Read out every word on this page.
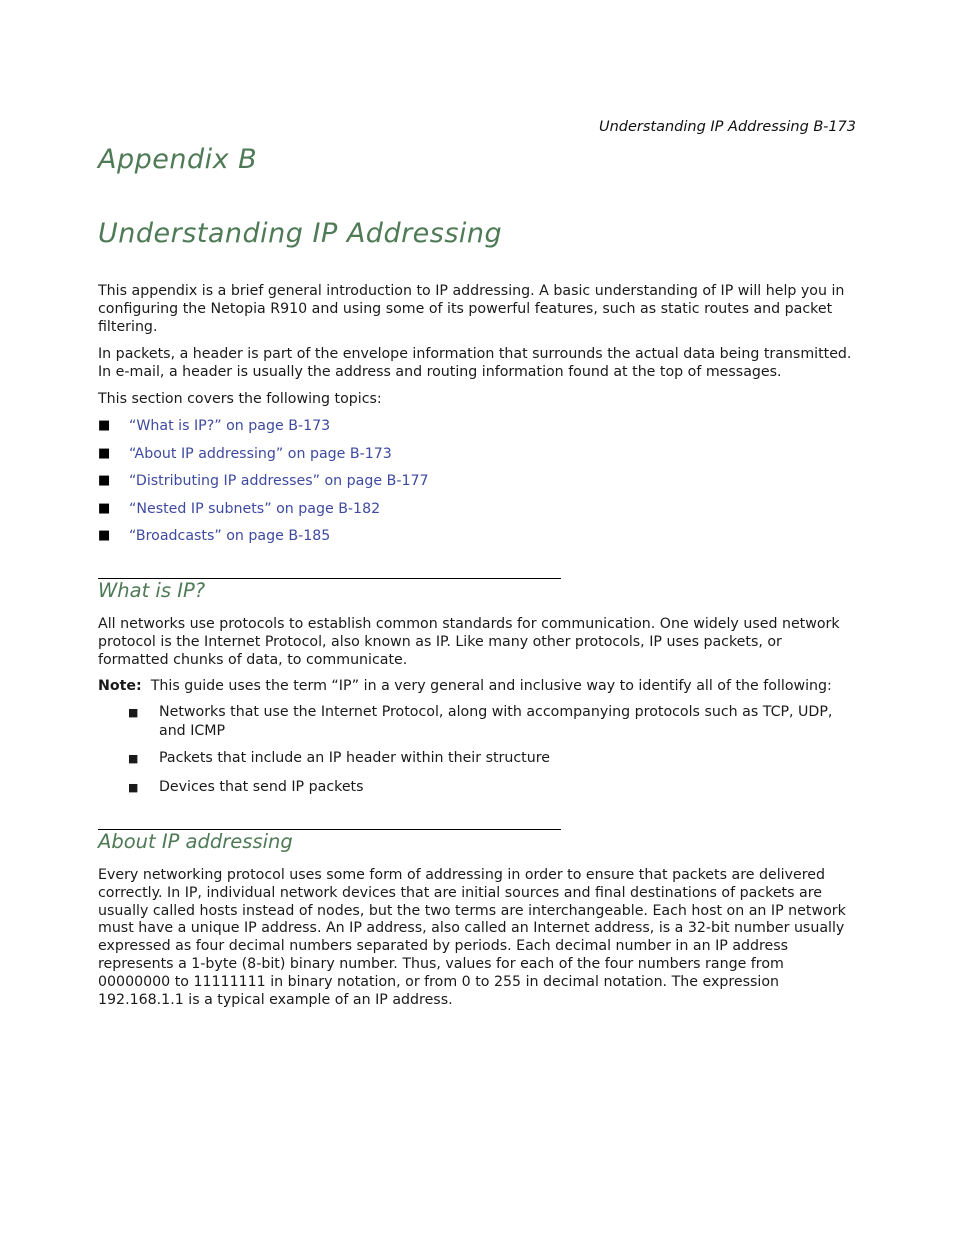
Understanding IP Addressing B-173
Appendix B
Understanding IP Addressing

This appendix is a brief general introduction to IP addressing. A basic understanding of IP will help you in configuring the Netopia R910 and using some of its powerful features, such as static routes and packet filtering.

In packets, a header is part of the envelope information that surrounds the actual data being transmitted. In e-mail, a header is usually the address and routing information found at the top of messages.

This section covers the following topics:

■	“What is IP?” on page B-173
■	“About IP addressing” on page B-173
■	“Distributing IP addresses” on page B-177
■	“Nested IP subnets” on page B-182
■	“Broadcasts” on page B-185
What is IP?

All networks use protocols to establish common standards for communication. One widely used network protocol is the Internet Protocol, also known as IP. Like many other protocols, IP uses packets, or formatted chunks of data, to communicate.

Note: This guide uses the term “IP” in a very general and inclusive way to identify all of the following:

■	Networks that use the Internet Protocol, along with accompanying protocols such as TCP, UDP, and ICMP
■	Packets that include an IP header within their structure
■	Devices that send IP packets
About IP addressing

Every networking protocol uses some form of addressing in order to ensure that packets are delivered correctly. In IP, individual network devices that are initial sources and final destinations of packets are usually called hosts instead of nodes, but the two terms are interchangeable. Each host on an IP network must have a unique IP address. An IP address, also called an Internet address, is a 32-bit number usually expressed as four decimal numbers separated by periods. Each decimal number in an IP address represents a 1-byte (8-bit) binary number. Thus, values for each of the four numbers range from 00000000 to 11111111 in binary notation, or from 0 to 255 in decimal notation. The expression 192.168.1.1 is a typical example of an IP address.
